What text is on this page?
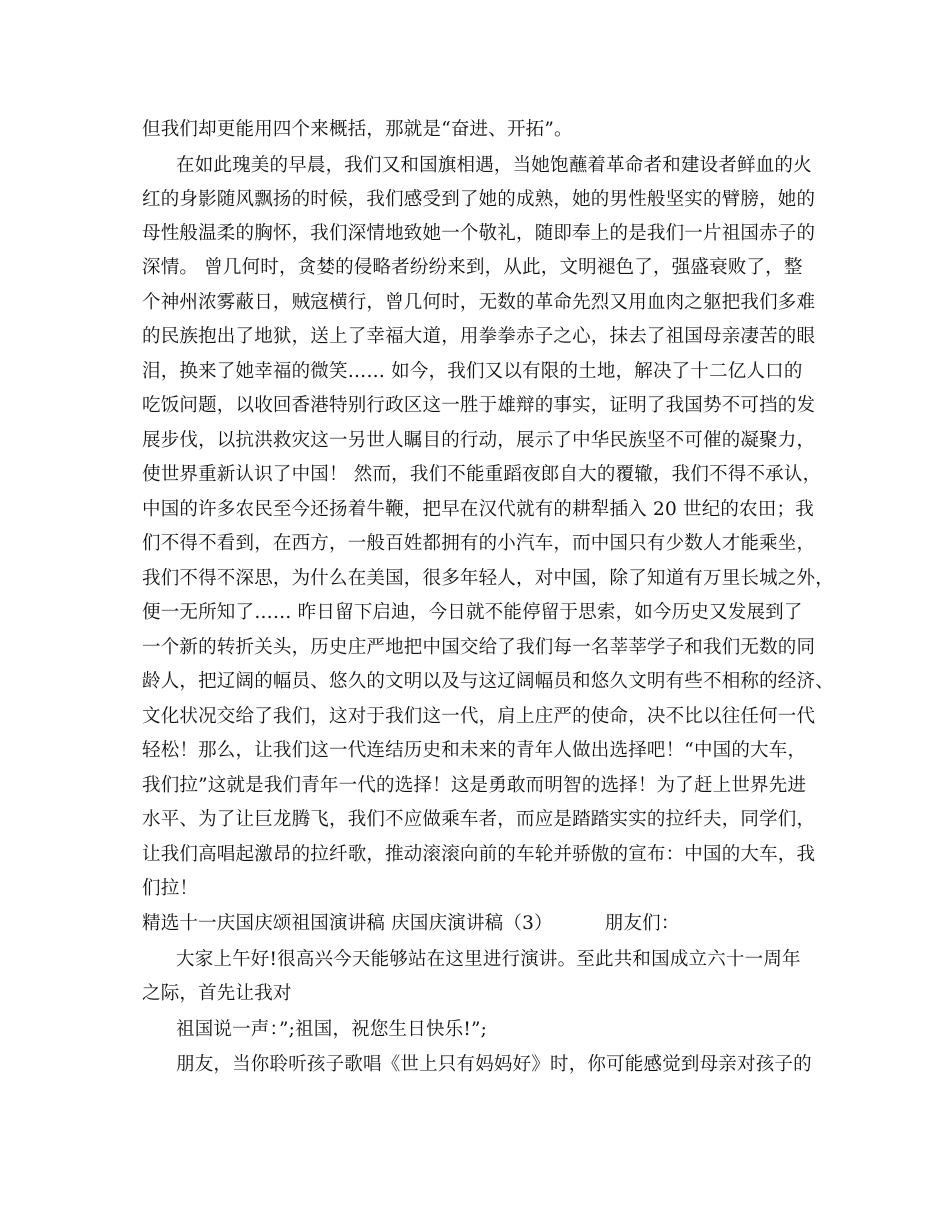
但我们却更能用四个来概括，那就是“奋进、开拓”。
在如此瑰美的早晨，我们又和国旗相遇，当她饱蘸着革命者和建设者鲜血的火
红的身影随风飘扬的时候，我们感受到了她的成熟，她的男性般坚实的臂膀，她的
母性般温柔的胸怀，我们深情地致她一个敬礼，随即奉上的是我们一片祖国赤子的
深情。 曾几何时，贪婪的侵略者纷纷来到，从此，文明褪色了，强盛衰败了，整
个神州浓雾蔽日，贼寇横行，曾几何时，无数的革命先烈又用血肉之躯把我们多难
的民族抱出了地狱，送上了幸福大道，用拳拳赤子之心，抹去了祖国母亲凄苦的眼
泪，换来了她幸福的微笑…… 如今，我们又以有限的土地，解决了十二亿人口的
吃饭问题，以收回香港特别行政区这一胜于雄辩的事实，证明了我国势不可挡的发
展步伐，以抗洪救灾这一另世人瞩目的行动，展示了中华民族坚不可催的凝聚力，
使世界重新认识了中国！ 然而，我们不能重蹈夜郎自大的覆辙，我们不得不承认，
中国的许多农民至今还扬着牛鞭，把早在汉代就有的耕犁插入 20 世纪的农田；我
们不得不看到，在西方，一般百姓都拥有的小汽车，而中国只有少数人才能乘坐，
我们不得不深思，为什么在美国，很多年轻人，对中国，除了知道有万里长城之外，
便一无所知了…… 昨日留下启迪，今日就不能停留于思索，如今历史又发展到了
一个新的转折关头，历史庄严地把中国交给了我们每一名莘莘学子和我们无数的同
龄人，把辽阔的幅员、悠久的文明以及与这辽阔幅员和悠久文明有些不相称的经济、
文化状况交给了我们，这对于我们这一代，肩上庄严的使命，决不比以往任何一代
轻松！那么，让我们这一代连结历史和未来的青年人做出选择吧！“中国的大车，
我们拉”这就是我们青年一代的选择！这是勇敢而明智的选择！为了赶上世界先进
水平、为了让巨龙腾飞，我们不应做乘车者，而应是踏踏实实的拉纤夫，同学们，
让我们高唱起激昂的拉纤歌，推动滚滚向前的车轮并骄傲的宣布：中国的大车，我
们拉！
精选十一庆国庆颂祖国演讲稿 庆国庆演讲稿（3）	朋友们：
大家上午好!很高兴今天能够站在这里进行演讲。至此共和国成立六十一周年
之际，首先让我对
祖国说一声：”;祖国，祝您生日快乐!”;
朋友，当你聆听孩子歌唱《世上只有妈妈好》时，你可能感觉到母亲对孩子的
